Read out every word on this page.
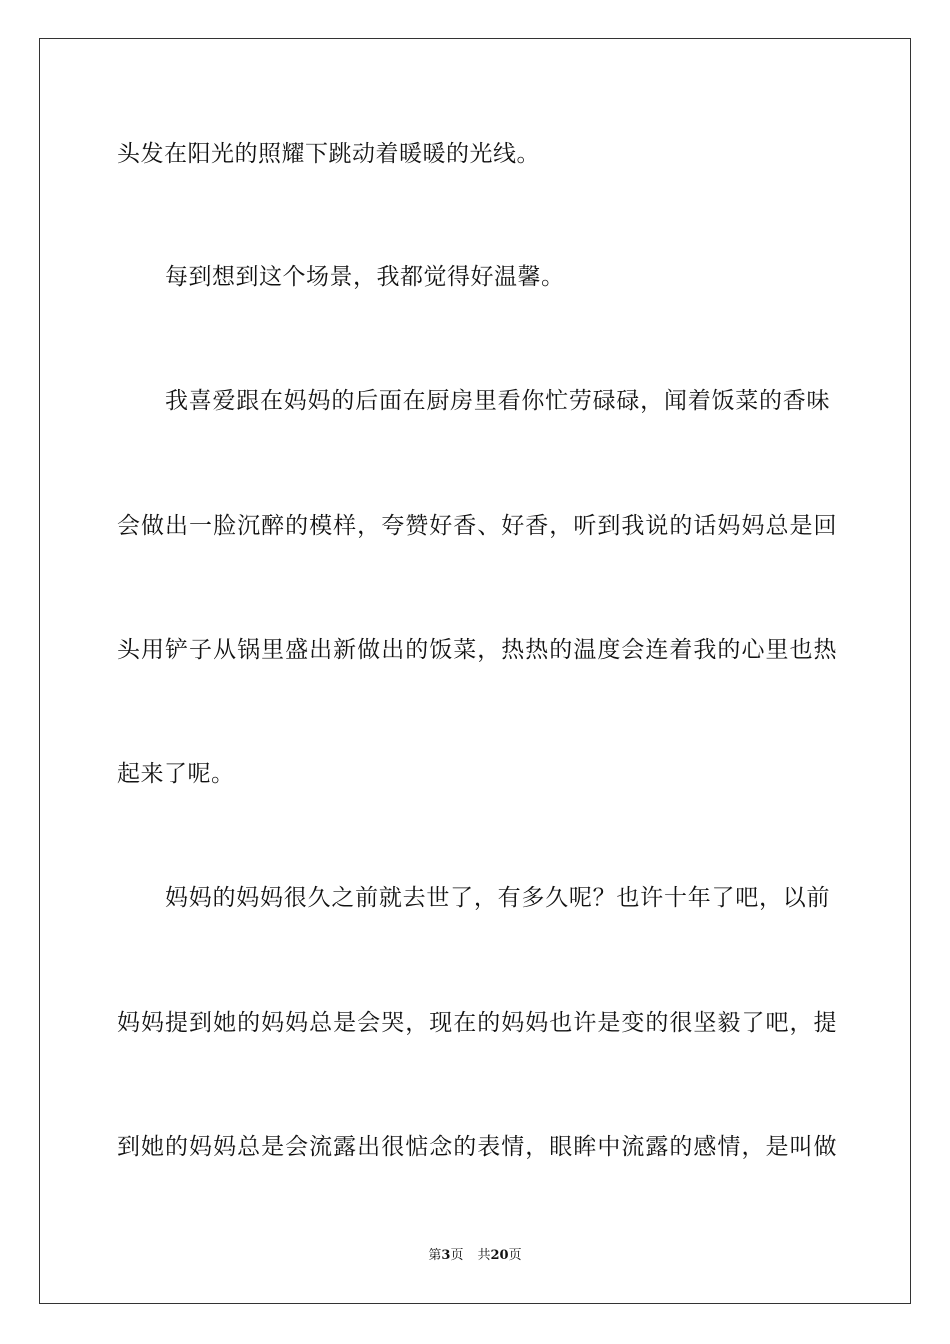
头发在阳光的照耀下跳动着暖暖的光线。
每到想到这个场景，我都觉得好温馨。
我喜爱跟在妈妈的后面在厨房里看你忙劳碌碌，闻着饭菜的香味
会做出一脸沉醉的模样，夸赞好香、好香，听到我说的话妈妈总是回
头用铲子从锅里盛出新做出的饭菜，热热的温度会连着我的心里也热
起来了呢。
妈妈的妈妈很久之前就去世了，有多久呢？也许十年了吧，以前
妈妈提到她的妈妈总是会哭，现在的妈妈也许是变的很坚毅了吧，提
到她的妈妈总是会流露出很惦念的表情，眼眸中流露的感情，是叫做
第3页 共20页
